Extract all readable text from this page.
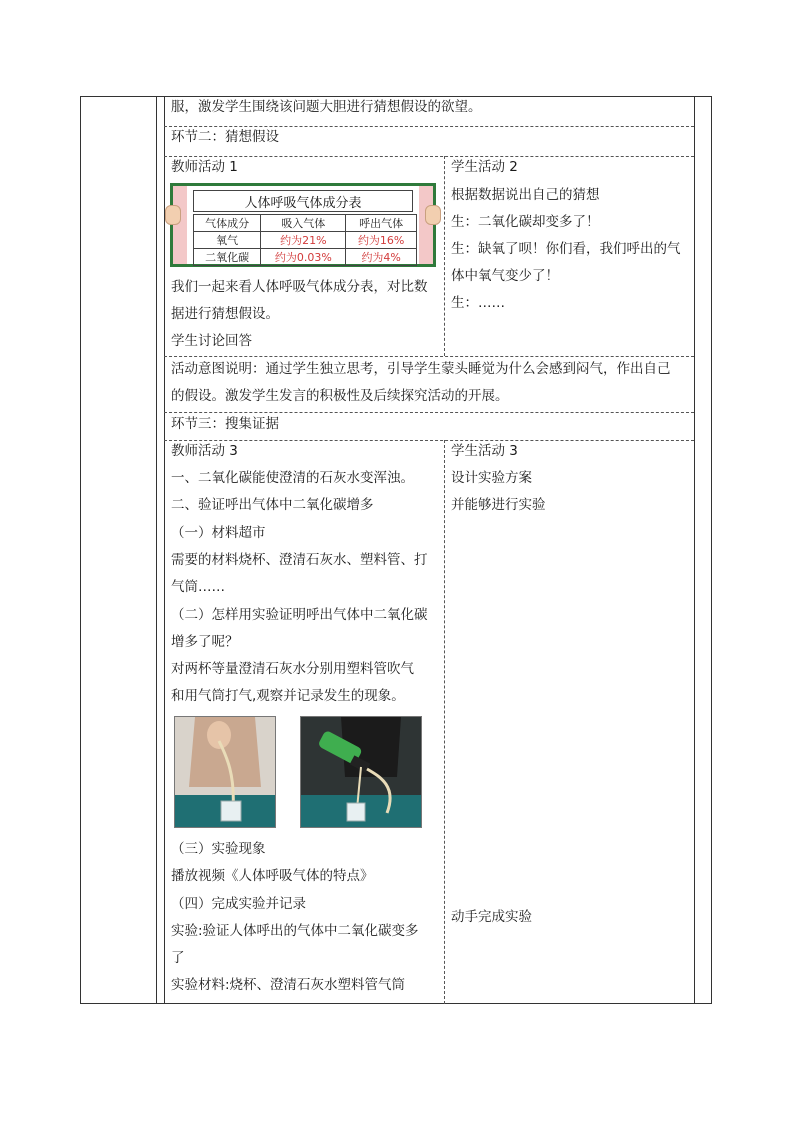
服，激发学生围绕该问题大胆进行猜想假设的欲望。
环节二：猜想假设
教师活动 1
人体呼吸气体成分表
气体成分	吸入气体	呼出气体
氧气	约为21%	约为16%
二氧化碳	约为0.03%	约为4%
我们一起来看人体呼吸气体成分表，对比数
据进行猜想假设。
学生讨论回答
学生活动 2
根据数据说出自己的猜想
生：二氧化碳却变多了！
生：缺氧了呗！你们看，我们呼出的气
体中氧气变少了！
生：……
活动意图说明：通过学生独立思考，引导学生蒙头睡觉为什么会感到闷气，作出自己
的假设。激发学生发言的积极性及后续探究活动的开展。
环节三：搜集证据
教师活动 3
一、二氧化碳能使澄清的石灰水变浑浊。
二、验证呼出气体中二氧化碳增多
（一）材料超市
需要的材料烧杯、澄清石灰水、塑料管、打
气筒……
（二）怎样用实验证明呼出气体中二氧化碳
增多了呢？
对两杯等量澄清石灰水分别用塑料管吹气
和用气筒打气,观察并记录发生的现象。
（三）实验现象
播放视频《人体呼吸气体的特点》
（四）完成实验并记录
实验:验证人体呼出的气体中二氧化碳变多
了
实验材料:烧杯、澄清石灰水塑料管气筒
学生活动 3
设计实验方案
并能够进行实验
动手完成实验
